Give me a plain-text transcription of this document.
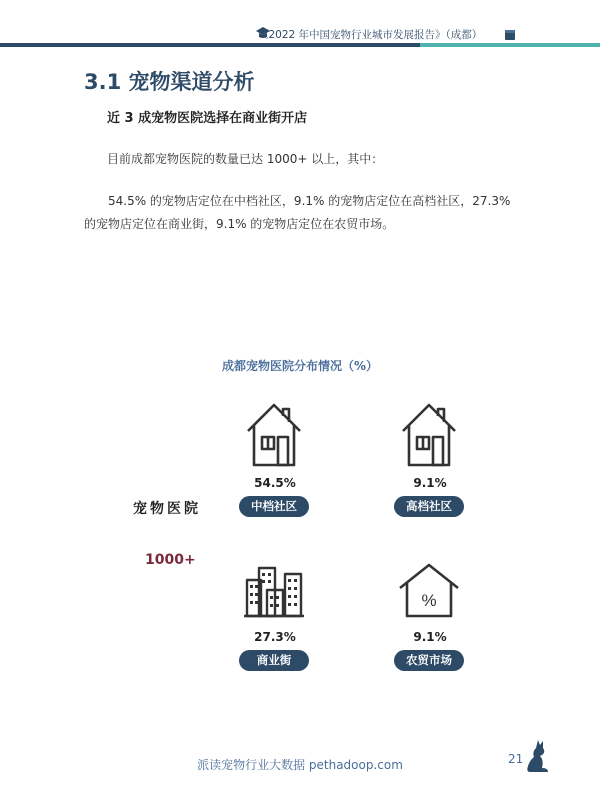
《2022 年中国宠物行业城市发展报告》（成都）
3.1 宠物渠道分析
近 3 成宠物医院选择在商业街开店
目前成都宠物医院的数量已达 1000+ 以上，其中：
54.5% 的宠物店定位在中档社区，9.1% 的宠物店定位在高档社区，27.3% 的宠物店定位在商业街，9.1% 的宠物店定位在农贸市场。
成都宠物医院分布情况（%）
宠物医院
1000+
54.5%
中档社区
9.1%
高档社区
27.3%
商业街
%
9.1%
农贸市场
派读宠物行业大数据 pethadoop.com	21
